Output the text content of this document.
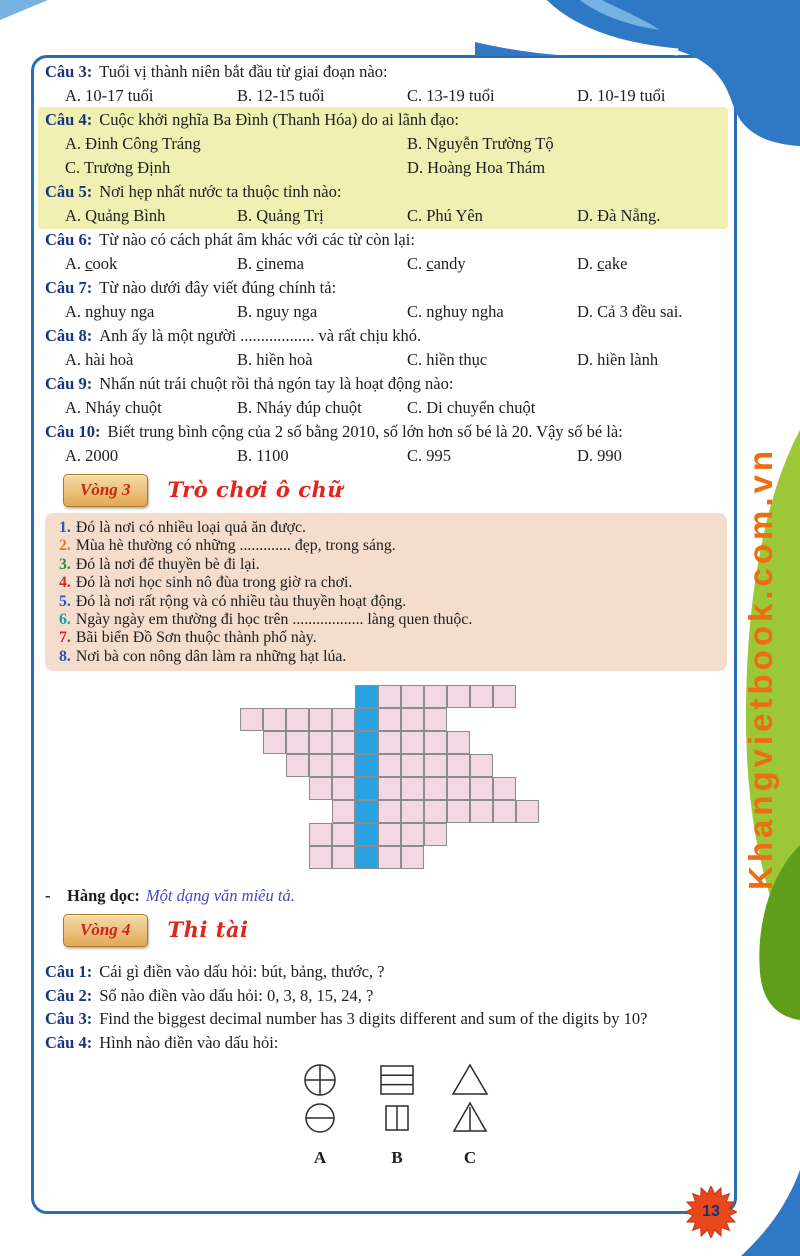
Câu 3: Tuổi vị thành niên bắt đầu từ giai đoạn nào:
A. 10-17 tuổi	B. 12-15 tuổi	C. 13-19 tuổi	D. 10-19 tuổi
Câu 4: Cuộc khởi nghĩa Ba Đình (Thanh Hóa) do ai lãnh đạo:
A. Đinh Công Tráng	B. Nguyễn Trường Tộ
C. Trương Định	D. Hoàng Hoa Thám
Câu 5: Nơi hẹp nhất nước ta thuộc tỉnh nào:
A. Quảng Bình	B. Quảng Trị	C. Phú Yên	D. Đà Nẵng.
Câu 6: Từ nào có cách phát âm khác với các từ còn lại:
A. cook	B. cinema	C. candy	D. cake
Câu 7: Từ nào dưới đây viết đúng chính tả:
A. nghuy nga	B. nguy nga	C. nghuy ngha	D. Cả 3 đều sai.
Câu 8: Anh ấy là một người .................. và rất chịu khó.
A. hài hoà	B. hiền hoà	C. hiền thục	D. hiền lành
Câu 9: Nhấn nút trái chuột rồi thả ngón tay là hoạt động nào:
A. Nháy chuột	B. Nháy đúp chuột	C. Di chuyển chuột
Câu 10: Biết trung bình cộng của 2 số bằng 2010, số lớn hơn số bé là 20. Vậy số bé là:
A. 2000	B. 1100	C. 995	D. 990
Vòng 3	Trò chơi ô chữ
1. Đó là nơi có nhiều loại quả ăn được.
2. Mùa hè thường có những ............. đẹp, trong sáng.
3. Đó là nơi để thuyền bè đi lại.
4. Đó là nơi học sinh nô đùa trong giờ ra chơi.
5. Đó là nơi rất rộng và có nhiều tàu thuyền hoạt động.
6. Ngày ngày em thường đi học trên .................. làng quen thuộc.
7. Bãi biển Đồ Sơn thuộc thành phố này.
8. Nơi bà con nông dân làm ra những hạt lúa.
- Hàng dọc: Một dạng văn miêu tả.
Vòng 4	Thi tài
Câu 1: Cái gì điền vào dấu hỏi: bút, bảng, thước, ?
Câu 2: Số nào điền vào dấu hỏi: 0, 3, 8, 15, 24, ?
Câu 3: Find the biggest decimal number has 3 digits different and sum of the digits by 10?
Câu 4: Hình nào điền vào dấu hỏi:
A	B	C
Khangvietbook.com.vn
13
